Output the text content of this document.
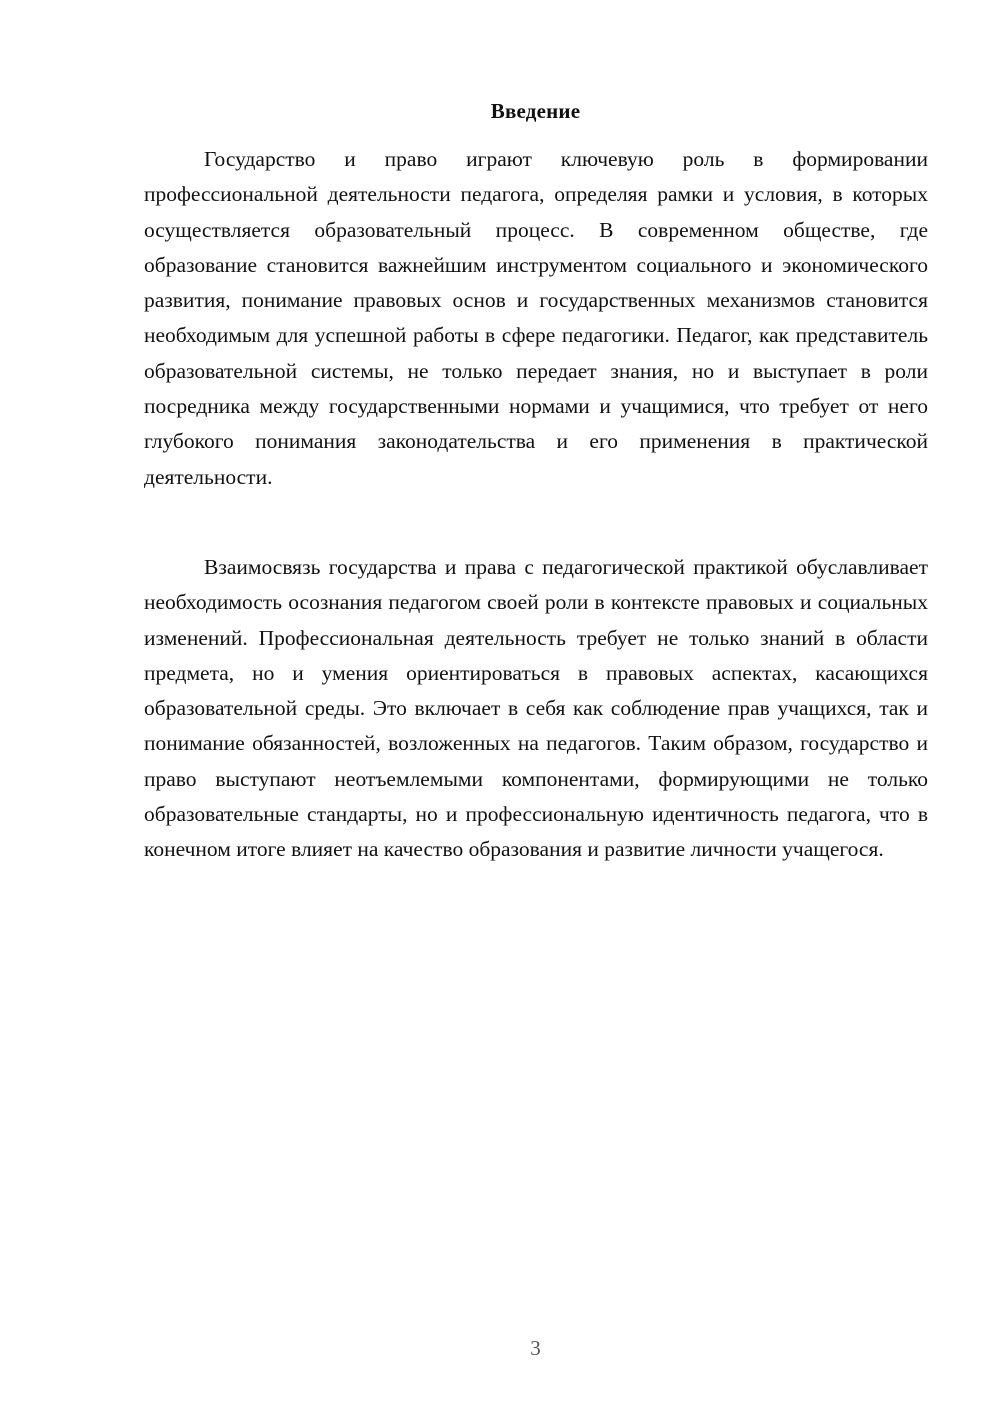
Введение

Государство и право играют ключевую роль в формировании профессиональной деятельности педагога, определяя рамки и условия, в которых осуществляется образовательный процесс. В современном обществе, где образование становится важнейшим инструментом социального и экономического развития, понимание правовых основ и государственных механизмов становится необходимым для успешной работы в сфере педагогики. Педагог, как представитель образовательной системы, не только передает знания, но и выступает в роли посредника между государственными нормами и учащимися, что требует от него глубокого понимания законодательства и его применения в практической деятельности.

Взаимосвязь государства и права с педагогической практикой обуславливает необходимость осознания педагогом своей роли в контексте правовых и социальных изменений. Профессиональная деятельность требует не только знаний в области предмета, но и умения ориентироваться в правовых аспектах, касающихся образовательной среды. Это включает в себя как соблюдение прав учащихся, так и понимание обязанностей, возложенных на педагогов. Таким образом, государство и право выступают неотъемлемыми компонентами, формирующими не только образовательные стандарты, но и профессиональную идентичность педагога, что в конечном итоге влияет на качество образования и развитие личности учащегося.

3
